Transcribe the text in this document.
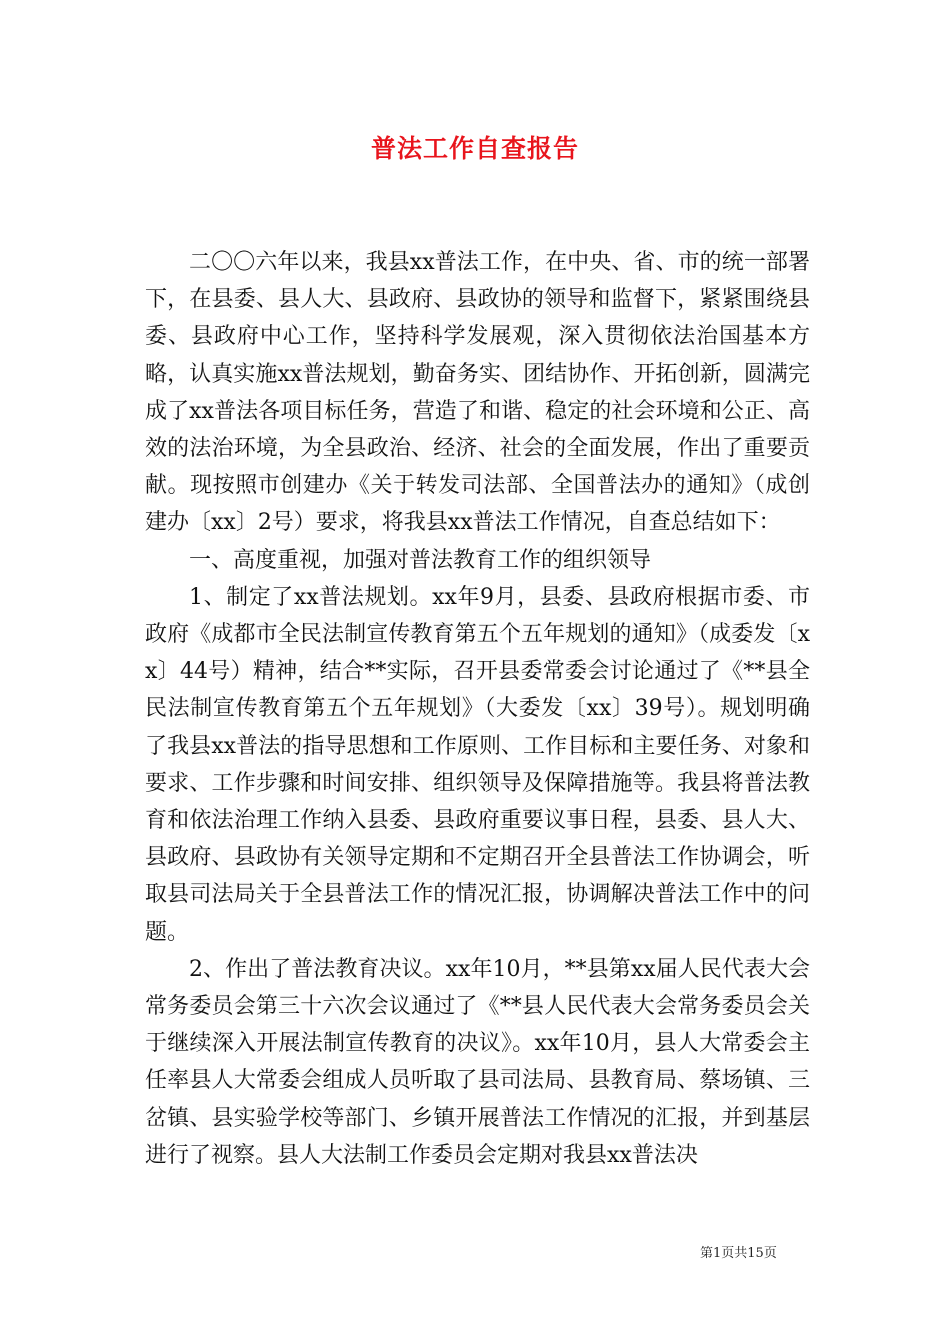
普法工作自查报告

二〇〇六年以来，我县xx普法工作，在中央、省、市的统一部署下，在县委、县人大、县政府、县政协的领导和监督下，紧紧围绕县委、县政府中心工作，坚持科学发展观，深入贯彻依法治国基本方略，认真实施xx普法规划，勤奋务实、团结协作、开拓创新，圆满完成了xx普法各项目标任务，营造了和谐、稳定的社会环境和公正、高效的法治环境，为全县政治、经济、社会的全面发展，作出了重要贡献。现按照市创建办《关于转发司法部、全国普法办的通知》（成创建办〔xx〕2号）要求，将我县xx普法工作情况，自查总结如下：

一、高度重视，加强对普法教育工作的组织领导

1、制定了xx普法规划。xx年9月，县委、县政府根据市委、市政府《成都市全民法制宣传教育第五个五年规划的通知》（成委发〔xx〕44号）精神，结合**实际，召开县委常委会讨论通过了《**县全民法制宣传教育第五个五年规划》（大委发〔xx〕39号）。规划明确了我县xx普法的指导思想和工作原则、工作目标和主要任务、对象和要求、工作步骤和时间安排、组织领导及保障措施等。我县将普法教育和依法治理工作纳入县委、县政府重要议事日程，县委、县人大、县政府、县政协有关领导定期和不定期召开全县普法工作协调会，听取县司法局关于全县普法工作的情况汇报，协调解决普法工作中的问题。

2、作出了普法教育决议。xx年10月，**县第xx届人民代表大会常务委员会第三十六次会议通过了《**县人民代表大会常务委员会关于继续深入开展法制宣传教育的决议》。xx年10月，县人大常委会主任率县人大常委会组成人员听取了县司法局、县教育局、蔡场镇、三岔镇、县实验学校等部门、乡镇开展普法工作情况的汇报，并到基层进行了视察。县人大法制工作委员会定期对我县xx普法决

第1页共15页
